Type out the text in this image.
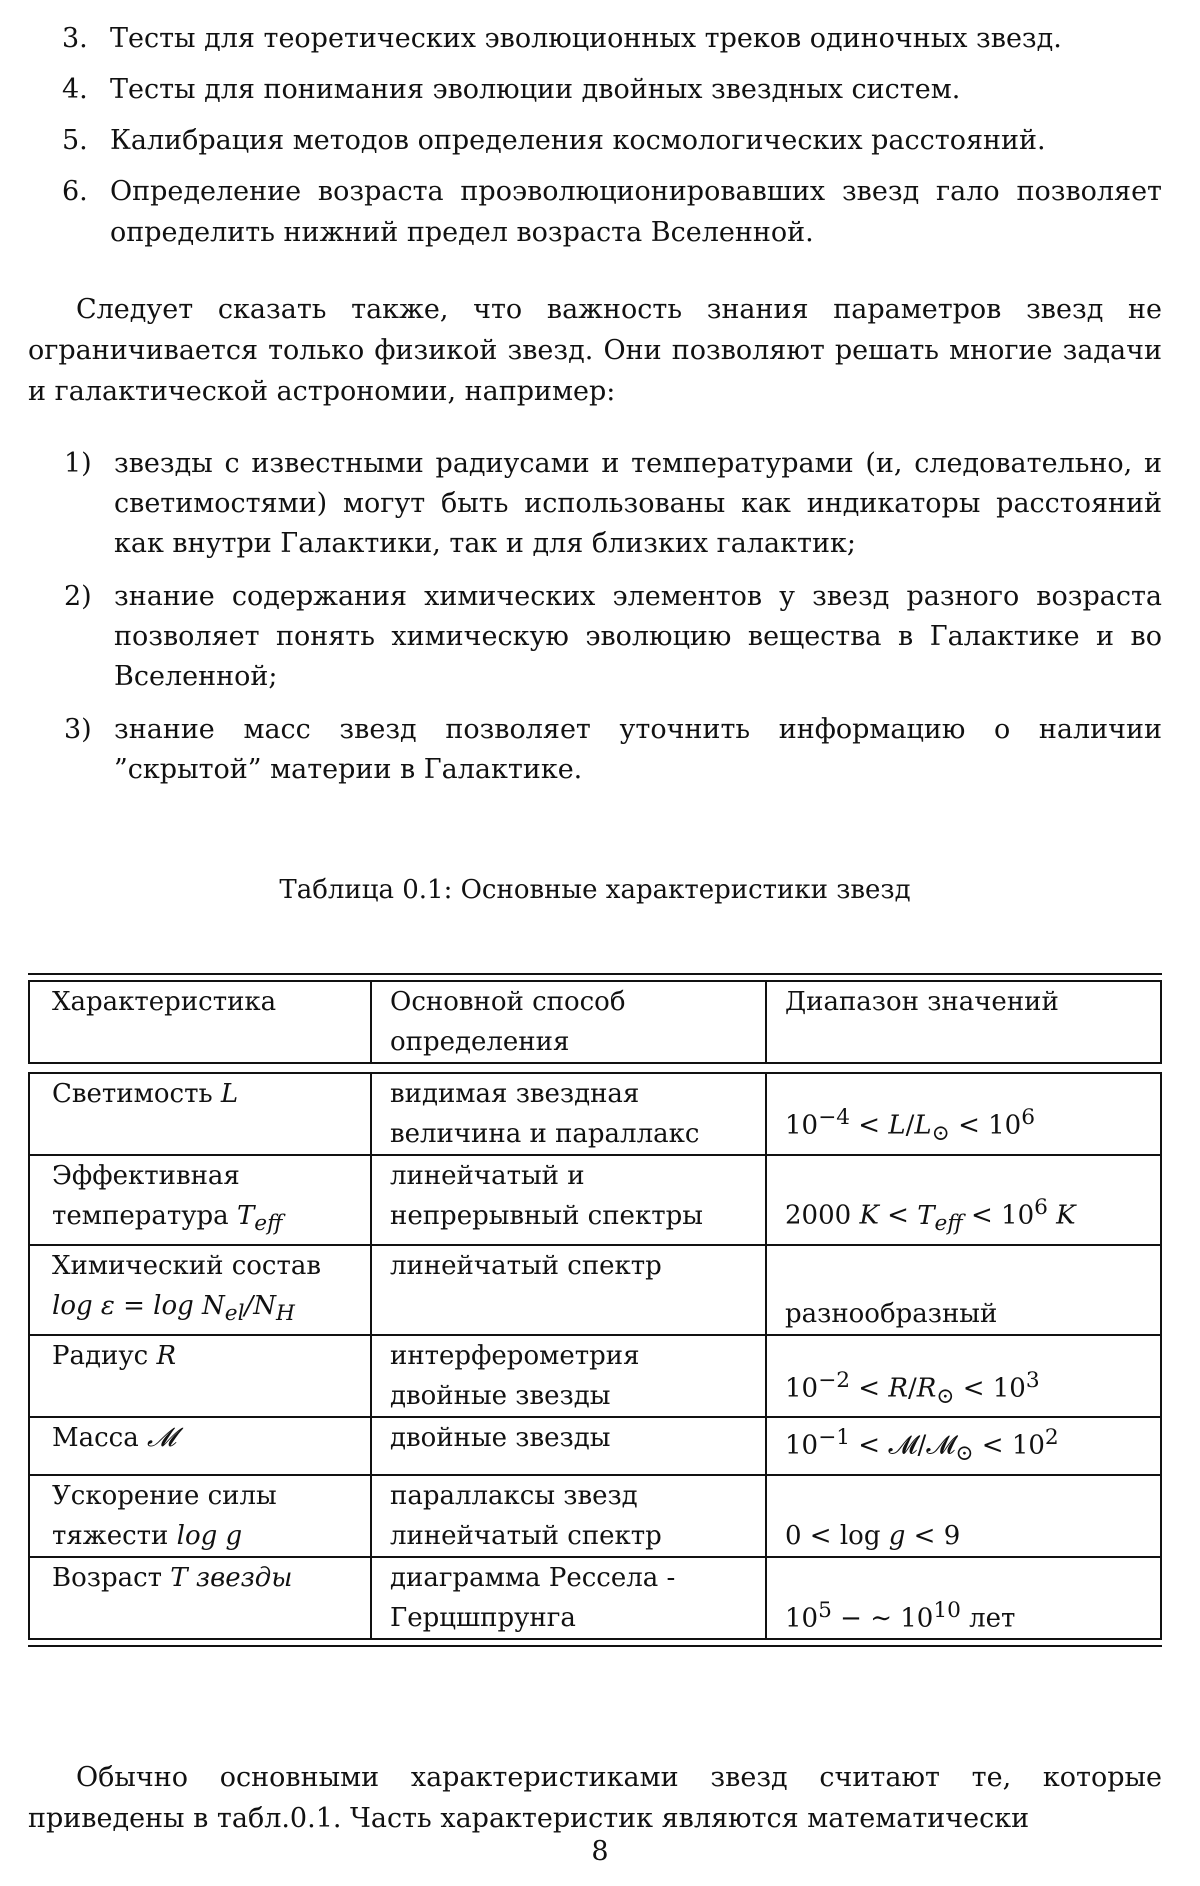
3. Тесты для теоретических эволюционных треков одиночных звезд.
4. Тесты для понимания эволюции двойных звездных систем.
5. Калибрация методов определения космологических расстояний.
6. Определение возраста проэволюционировавших звезд гало позволяет определить нижний предел возраста Вселенной.

Следует сказать также, что важность знания параметров звезд не ограничивается только физикой звезд. Они позволяют решать многие задачи и галактической астрономии, например:

1) звезды с известными радиусами и температурами (и, следовательно, и светимостями) могут быть использованы как индикаторы расстояний как внутри Галактики, так и для близких галактик;
2) знание содержания химических элементов у звезд разного возраста позволяет понять химическую эволюцию вещества в Галактике и во Вселенной;
3) знание масс звезд позволяет уточнить информацию о наличии ”скрытой” материи в Галактике.
Таблица 0.1: Основные характеристики звезд
Характеристика	Основной способ определения	Диапазон значений

Светимость L	видимая звездная величина и параллакс	$10^{-4} < L/L_⊙ < 10^6$
Эффективная температура $T_{eff}$	линейчатый и непрерывный спектры	2000 $K < T_{eff} < 10^6$ K
Химический состав $\log \varepsilon = \log N_{el}/N_H$	линейчатый спектр	разнообразный
Радиус R	интерферометрия двойные звезды	$10^{-2} < R/R_⊙ < 10^3$
Масса 𝓜	двойные звезды	$10^{-1}$ < 𝓜/𝓜$_⊙$ < $10^2$
Ускорение силы тяжести log g	параллаксы звезд линейчатый спектр	0 < log g < 9
Возраст T звезды	диаграмма Рессела - Герцшпрунга	$10^5$ − ∼ $10^{10}$ лет

Обычно основными характеристиками звезд считают те, которые приведены в табл.0.1. Часть характеристик являются математически

8
